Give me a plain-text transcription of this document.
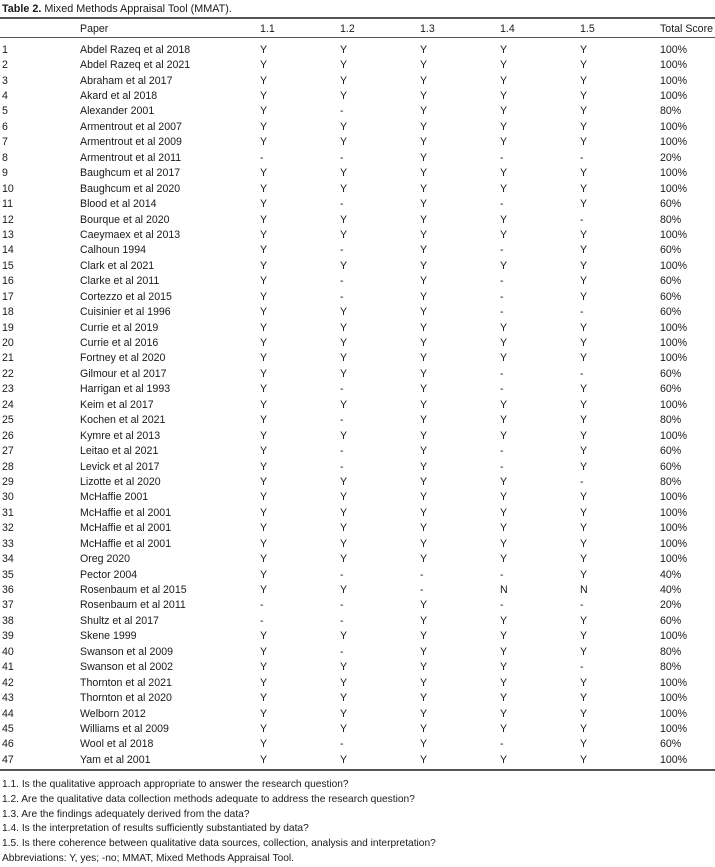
Table 2. Mixed Methods Appraisal Tool (MMAT).
	Paper	1.1	1.2	1.3	1.4	1.5	Total Score
1	Abdel Razeq et al 2018	Y	Y	Y	Y	Y	100%
2	Abdel Razeq et al 2021	Y	Y	Y	Y	Y	100%
3	Abraham et al 2017	Y	Y	Y	Y	Y	100%
4	Akard et al 2018	Y	Y	Y	Y	Y	100%
5	Alexander 2001	Y	-	Y	Y	Y	80%
6	Armentrout et al 2007	Y	Y	Y	Y	Y	100%
7	Armentrout et al 2009	Y	Y	Y	Y	Y	100%
8	Armentrout et al 2011	-	-	Y	-	-	20%
9	Baughcum et al 2017	Y	Y	Y	Y	Y	100%
10	Baughcum et al 2020	Y	Y	Y	Y	Y	100%
11	Blood et al 2014	Y	-	Y	-	Y	60%
12	Bourque et al 2020	Y	Y	Y	Y	-	80%
13	Caeymaex et al 2013	Y	Y	Y	Y	Y	100%
14	Calhoun 1994	Y	-	Y	-	Y	60%
15	Clark et al 2021	Y	Y	Y	Y	Y	100%
16	Clarke et al 2011	Y	-	Y	-	Y	60%
17	Cortezzo et al 2015	Y	-	Y	-	Y	60%
18	Cuisinier et al 1996	Y	Y	Y	-	-	60%
19	Currie et al 2019	Y	Y	Y	Y	Y	100%
20	Currie et al 2016	Y	Y	Y	Y	Y	100%
21	Fortney et al 2020	Y	Y	Y	Y	Y	100%
22	Gilmour et al 2017	Y	Y	Y	-	-	60%
23	Harrigan et al 1993	Y	-	Y	-	Y	60%
24	Keim et al 2017	Y	Y	Y	Y	Y	100%
25	Kochen et al 2021	Y	-	Y	Y	Y	80%
26	Kymre et al 2013	Y	Y	Y	Y	Y	100%
27	Leitao et al 2021	Y	-	Y	-	Y	60%
28	Levick et al 2017	Y	-	Y	-	Y	60%
29	Lizotte et al 2020	Y	Y	Y	Y	-	80%
30	McHaffie 2001	Y	Y	Y	Y	Y	100%
31	McHaffie et al 2001	Y	Y	Y	Y	Y	100%
32	McHaffie et al 2001	Y	Y	Y	Y	Y	100%
33	McHaffie et al 2001	Y	Y	Y	Y	Y	100%
34	Oreg 2020	Y	Y	Y	Y	Y	100%
35	Pector 2004	Y	-	-	-	Y	40%
36	Rosenbaum et al 2015	Y	Y	-	N	N	40%
37	Rosenbaum et al 2011	-	-	Y	-	-	20%
38	Shultz et al 2017	-	-	Y	Y	Y	60%
39	Skene 1999	Y	Y	Y	Y	Y	100%
40	Swanson et al 2009	Y	-	Y	Y	Y	80%
41	Swanson et al 2002	Y	Y	Y	Y	-	80%
42	Thornton et al 2021	Y	Y	Y	Y	Y	100%
43	Thornton et al 2020	Y	Y	Y	Y	Y	100%
44	Welborn 2012	Y	Y	Y	Y	Y	100%
45	Williams et al 2009	Y	Y	Y	Y	Y	100%
46	Wool et al 2018	Y	-	Y	-	Y	60%
47	Yam et al 2001	Y	Y	Y	Y	Y	100%
1.1. Is the qualitative approach appropriate to answer the research question?
1.2. Are the qualitative data collection methods adequate to address the research question?
1.3. Are the findings adequately derived from the data?
1.4. Is the interpretation of results sufficiently substantiated by data?
1.5. Is there coherence between qualitative data sources, collection, analysis and interpretation?
Abbreviations: Y, yes; -no; MMAT, Mixed Methods Appraisal Tool.
